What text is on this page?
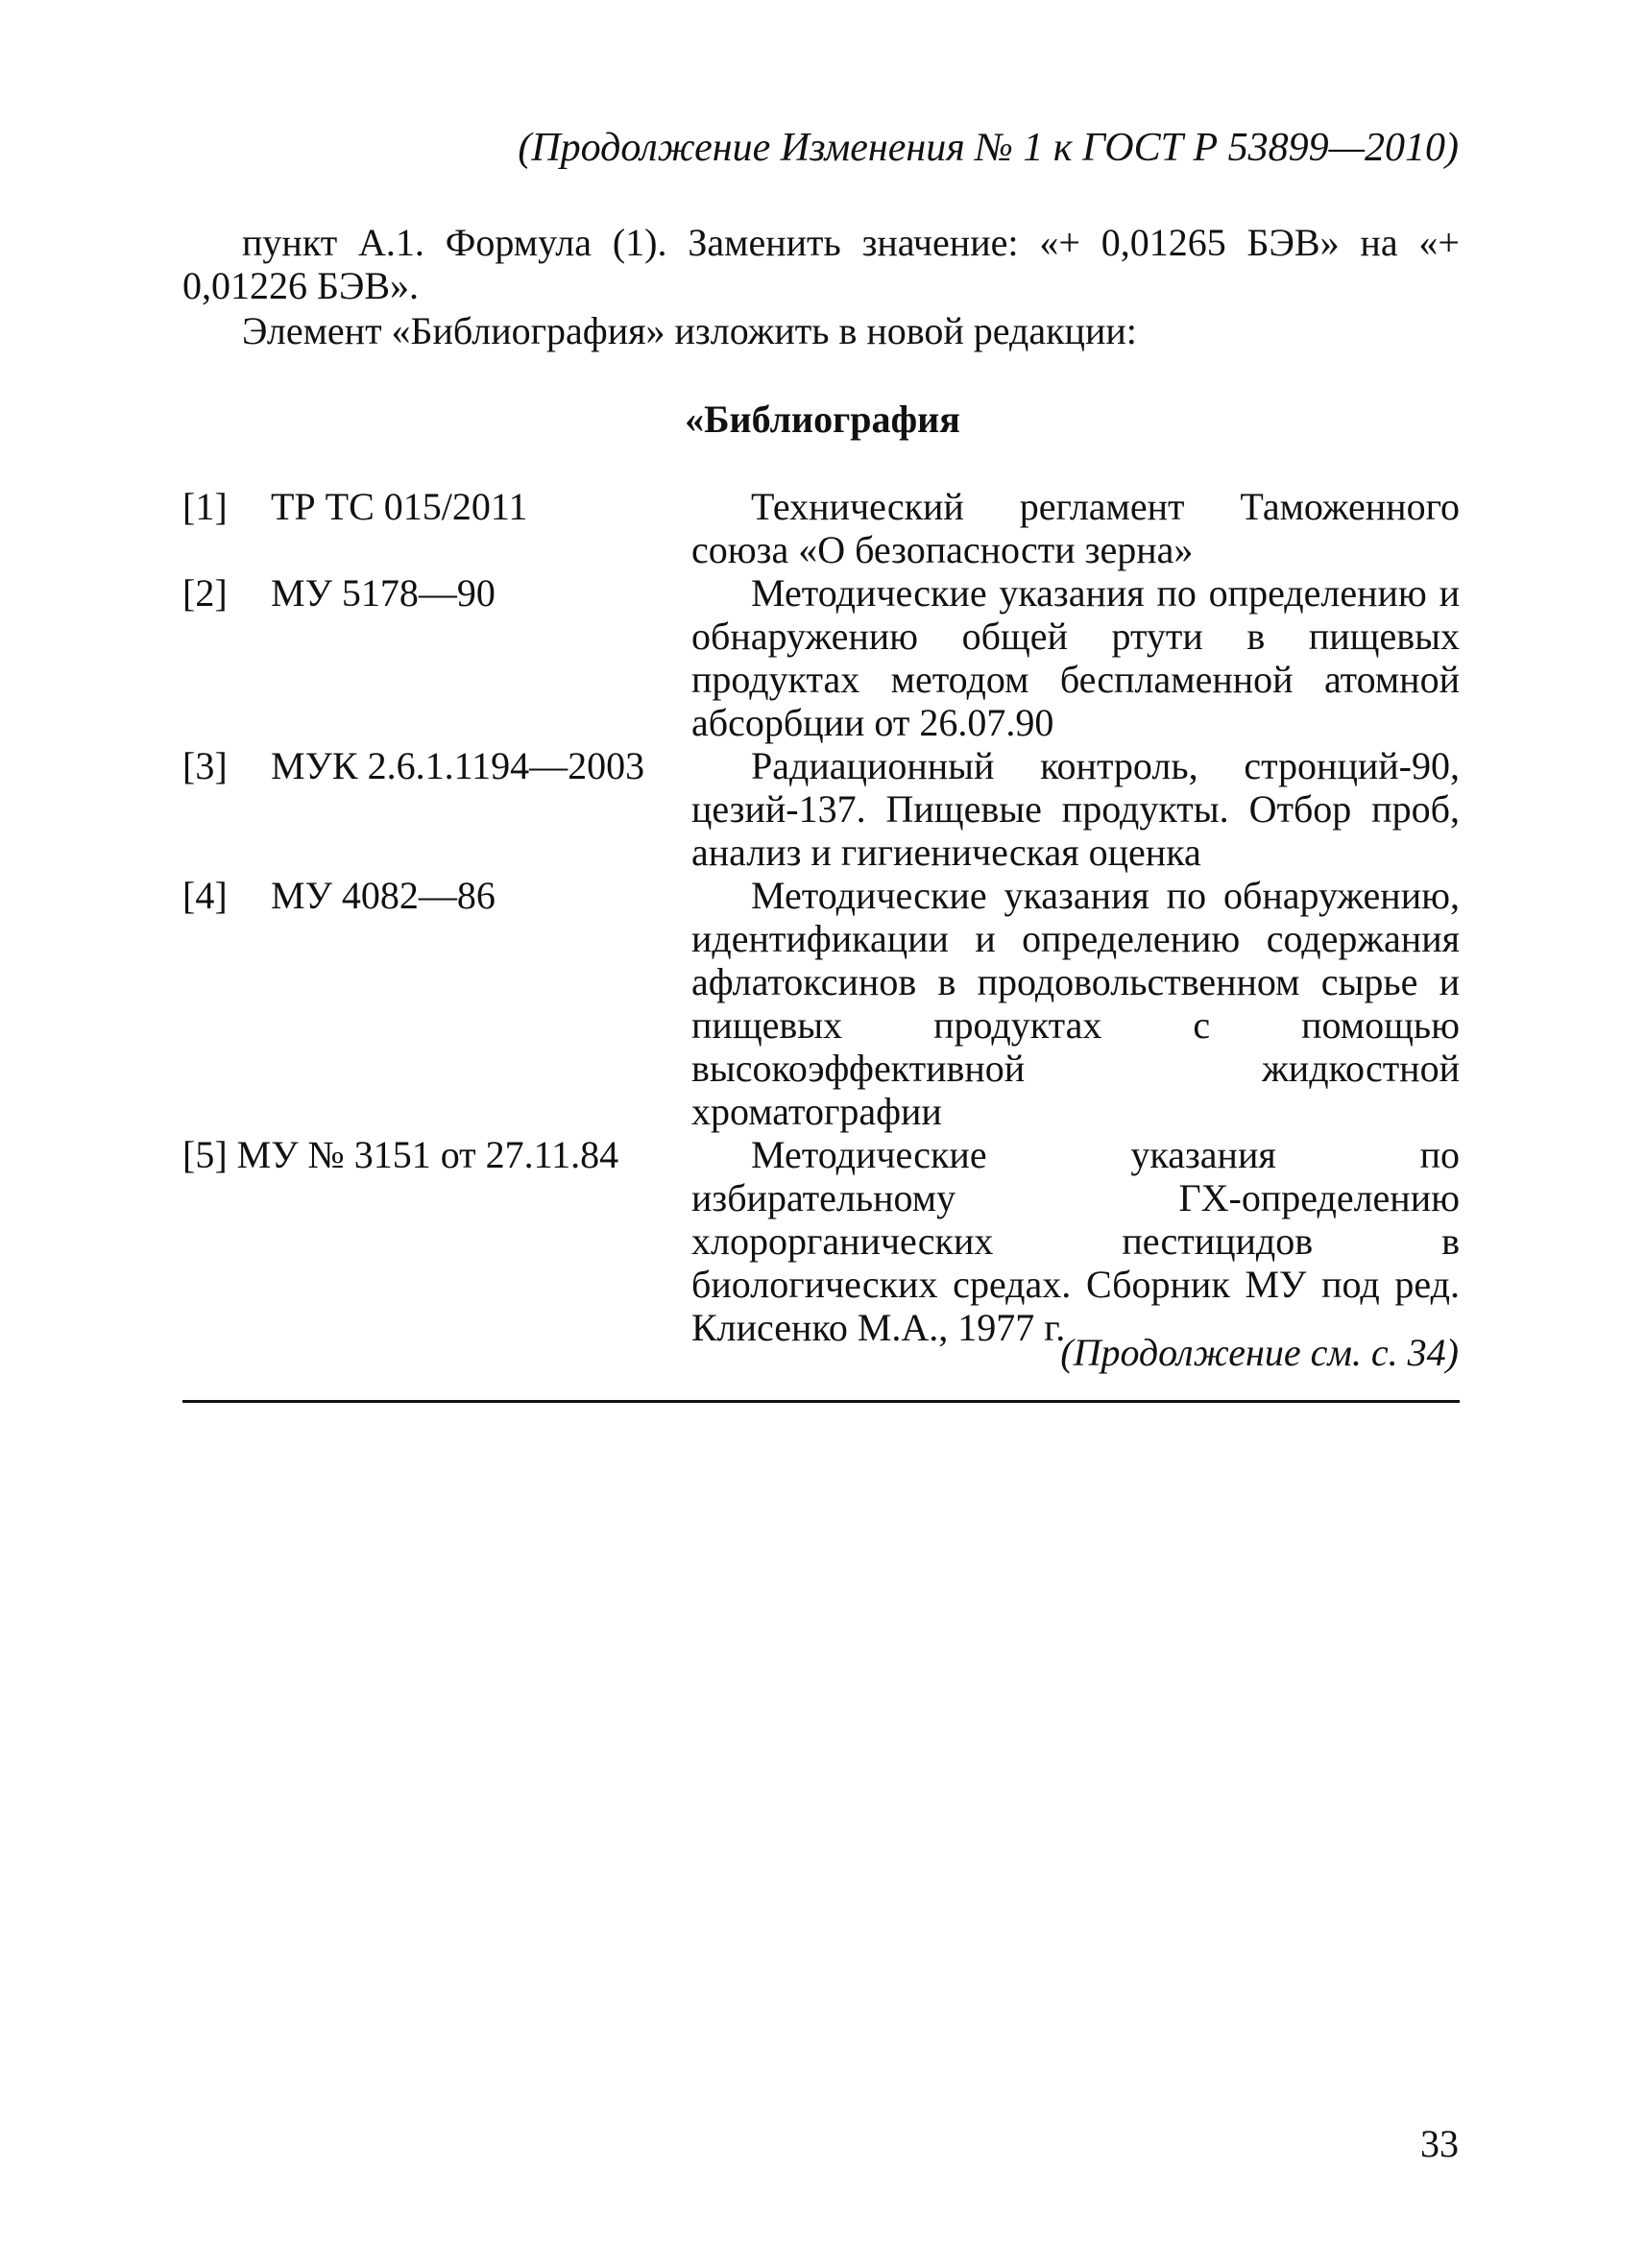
(Продолжение Изменения № 1 к ГОСТ Р 53899—2010)
пункт А.1. Формула (1). Заменить значение: «+ 0,01265 БЭВ» на «+ 0,01226 БЭВ».
Элемент «Библиография» изложить в новой редакции:
«Библиография
[1] ТР ТС 015/2011	Технический регламент Таможенного союза «О безопасности зерна»
[2] МУ 5178—90	Методические указания по определению и обнаружению общей ртути в пищевых продуктах методом беспламенной атомной абсорбции от 26.07.90
[3] МУК 2.6.1.1194—2003	Радиационный контроль, стронций-90, цезий-137. Пищевые продукты. Отбор проб, анализ и гигиеническая оценка
[4] МУ 4082—86	Методические указания по обнаружению, идентификации и определению содержания афлатоксинов в продовольственном сырье и пищевых продуктах с помощью высокоэффективной жидкостной хроматографии
[5] МУ № 3151 от 27.11.84	Методические указания по избирательному ГХ-определению хлорорганических пестицидов в биологических средах. Сборник МУ под ред. Клисенко М.А., 1977 г.
(Продолжение см. с. 34)
33
